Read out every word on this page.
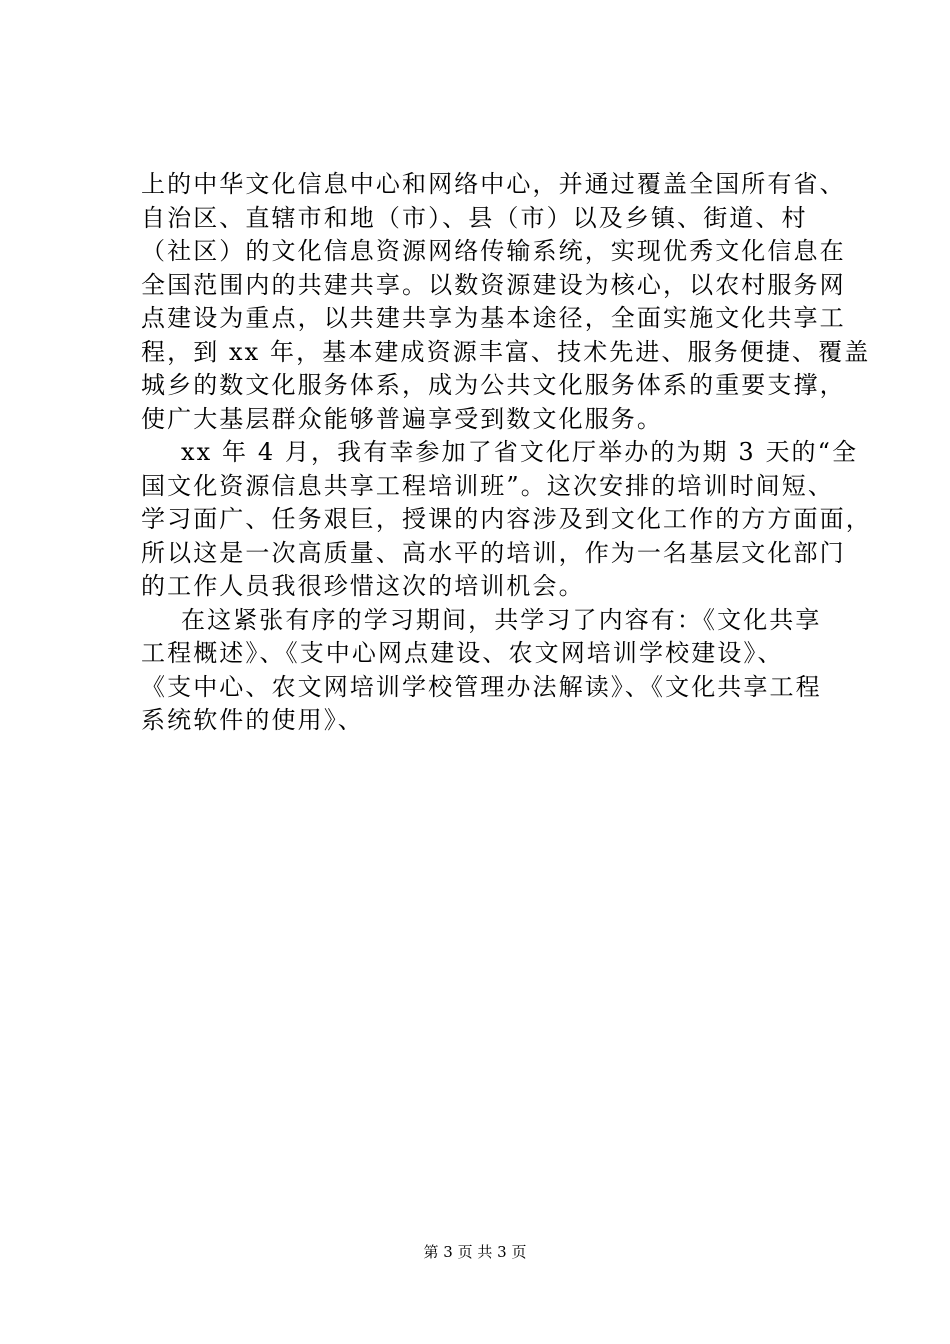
上的中华文化信息中心和网络中心，并通过覆盖全国所有省、
自治区、直辖市和地（市）、县（市）以及乡镇、街道、村
（社区）的文化信息资源网络传输系统，实现优秀文化信息在
全国范围内的共建共享。以数资源建设为核心，以农村服务网
点建设为重点，以共建共享为基本途径，全面实施文化共享工
程，到 xx 年，基本建成资源丰富、技术先进、服务便捷、覆盖
城乡的数文化服务体系，成为公共文化服务体系的重要支撑，
使广大基层群众能够普遍享受到数文化服务。
xx 年 4 月，我有幸参加了省文化厅举办的为期 3 天的“全
国文化资源信息共享工程培训班”。这次安排的培训时间短、
学习面广、任务艰巨，授课的内容涉及到文化工作的方方面面，
所以这是一次高质量、高水平的培训，作为一名基层文化部门
的工作人员我很珍惜这次的培训机会。
在这紧张有序的学习期间，共学习了内容有：《文化共享
工程概述》、《支中心网点建设、农文网培训学校建设》、
《支中心、农文网培训学校管理办法解读》、《文化共享工程
系统软件的使用》、
第 3 页 共 3 页
